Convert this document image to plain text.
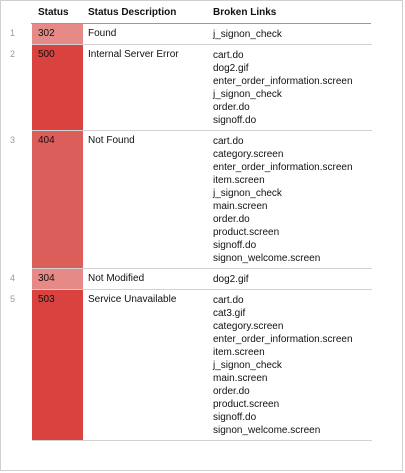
Status Status Description	Broken Links
1 302	Found	j_signon_check
2 500	Internal Server Error	cart.do
dog2.gif
enter_order_information.screen
j_signon_check
order.do
signoff.do
3 404	Not Found	cart.do
category.screen
enter_order_information.screen
item.screen
j_signon_check
main.screen
order.do
product.screen
signoff.do
signon_welcome.screen
4 304	Not Modified	dog2.gif
5 503	Service Unavailable	cart.do
cat3.gif
category.screen
enter_order_information.screen
item.screen
j_signon_check
main.screen
order.do
product.screen
signoff.do
signon_welcome.screen
